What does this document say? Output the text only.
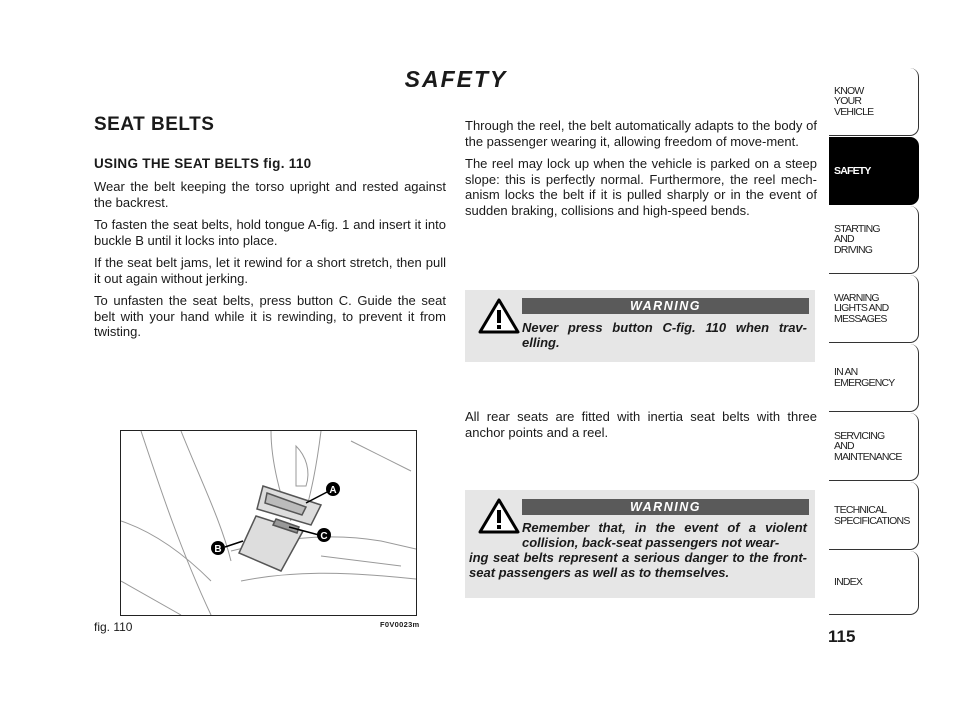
SAFETY
SEAT BELTS
USING THE SEAT BELTS fig. 110

Wear the belt keeping the torso upright and rested against the backrest.

To fasten the seat belts, hold tongue A-fig. 1 and insert it into buckle B until it locks into place.

If the seat belt jams, let it rewind for a short stretch, then pull it out again without jerking.

To unfasten the seat belts, press button C. Guide the seat belt with your hand while it is rewinding, to prevent it from twisting.

Through the reel, the belt automatically adapts to the body of the passenger wearing it, allowing freedom of move-ment.

The reel may lock up when the vehicle is parked on a steep slope: this is perfectly normal. Furthermore, the reel mech-anism locks the belt if it is pulled sharply or in the event of sudden braking, collisions and high-speed bends.

WARNING
Never press button C-fig. 110 when trav-elling.

All rear seats are fitted with inertia seat belts with three anchor points and a reel.

WARNING
Remember that, in the event of a violent collision, back-seat passengers not wear-
ing seat belts represent a serious danger to the front-seat passengers as well as to themselves.
A
B
C
fig. 110	F0V0023m
KNOW
YOUR
VEHICLE
SAFETY
STARTING
AND
DRIVING
WARNING
LIGHTS AND
MESSAGES
IN AN
EMERGENCY
SERVICING
AND
MAINTENANCE
TECHNICAL
SPECIFICATIONS
INDEX
115
